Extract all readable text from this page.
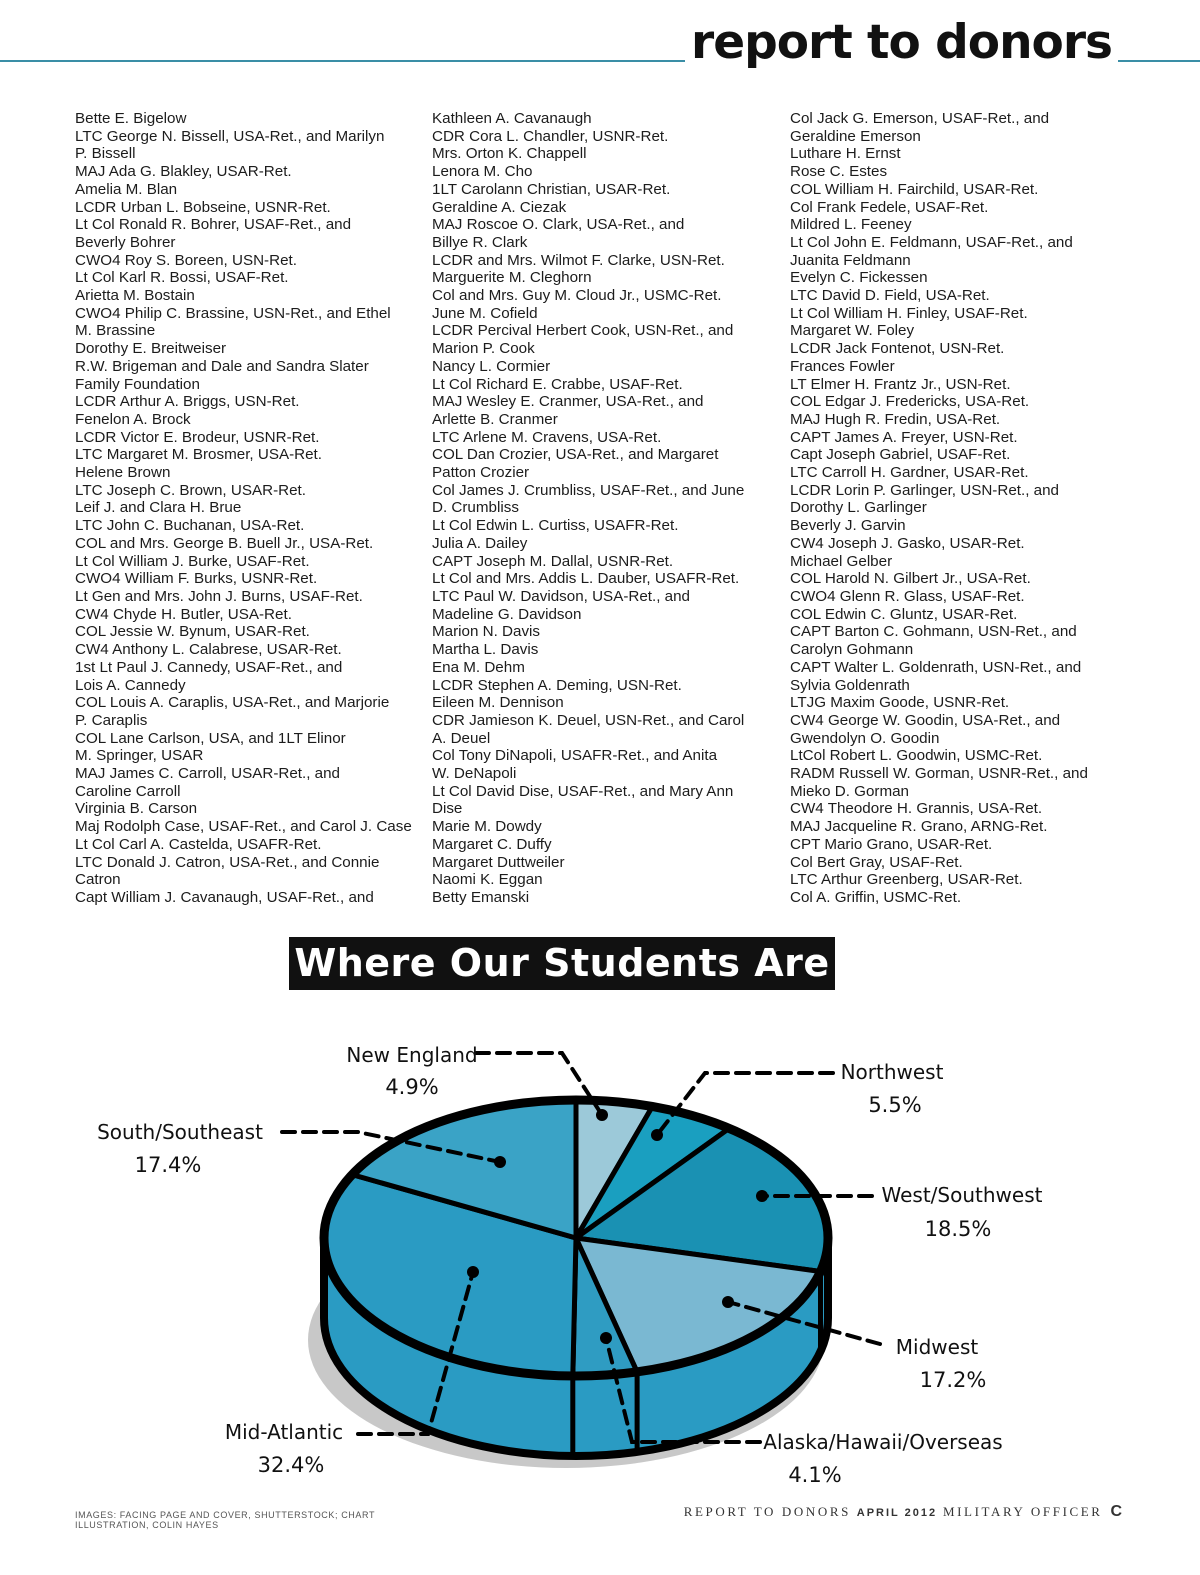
report to donors
Bette E. Bigelow
LTC George N. Bissell, USA-Ret., and Marilyn
P. Bissell
MAJ Ada G. Blakley, USAR-Ret.
Amelia M. Blan
LCDR Urban L. Bobseine, USNR-Ret.
Lt Col Ronald R. Bohrer, USAF-Ret., and
Beverly Bohrer
CWO4 Roy S. Boreen, USN-Ret.
Lt Col Karl R. Bossi, USAF-Ret.
Arietta M. Bostain
CWO4 Philip C. Brassine, USN-Ret., and Ethel
M. Brassine
Dorothy E. Breitweiser
R.W. Brigeman and Dale and Sandra Slater
Family Foundation
LCDR Arthur A. Briggs, USN-Ret.
Fenelon A. Brock
LCDR Victor E. Brodeur, USNR-Ret.
LTC Margaret M. Brosmer, USA-Ret.
Helene Brown
LTC Joseph C. Brown, USAR-Ret.
Leif J. and Clara H. Brue
LTC John C. Buchanan, USA-Ret.
COL and Mrs. George B. Buell Jr., USA-Ret.
Lt Col William J. Burke, USAF-Ret.
CWO4 William F. Burks, USNR-Ret.
Lt Gen and Mrs. John J. Burns, USAF-Ret.
CW4 Chyde H. Butler, USA-Ret.
COL Jessie W. Bynum, USAR-Ret.
CW4 Anthony L. Calabrese, USAR-Ret.
1st Lt Paul J. Cannedy, USAF-Ret., and
Lois A. Cannedy
COL Louis A. Caraplis, USA-Ret., and Marjorie
P. Caraplis
COL Lane Carlson, USA, and 1LT Elinor
M. Springer, USAR
MAJ James C. Carroll, USAR-Ret., and
Caroline Carroll
Virginia B. Carson
Maj Rodolph Case, USAF-Ret., and Carol J. Case
Lt Col Carl A. Castelda, USAFR-Ret.
LTC Donald J. Catron, USA-Ret., and Connie
Catron
Capt William J. Cavanaugh, USAF-Ret., and
Kathleen A. Cavanaugh
CDR Cora L. Chandler, USNR-Ret.
Mrs. Orton K. Chappell
Lenora M. Cho
1LT Carolann Christian, USAR-Ret.
Geraldine A. Ciezak
MAJ Roscoe O. Clark, USA-Ret., and
Billye R. Clark
LCDR and Mrs. Wilmot F. Clarke, USN-Ret.
Marguerite M. Cleghorn
Col and Mrs. Guy M. Cloud Jr., USMC-Ret.
June M. Cofield
LCDR Percival Herbert Cook, USN-Ret., and
Marion P. Cook
Nancy L. Cormier
Lt Col Richard E. Crabbe, USAF-Ret.
MAJ Wesley E. Cranmer, USA-Ret., and
Arlette B. Cranmer
LTC Arlene M. Cravens, USA-Ret.
COL Dan Crozier, USA-Ret., and Margaret
Patton Crozier
Col James J. Crumbliss, USAF-Ret., and June
D. Crumbliss
Lt Col Edwin L. Curtiss, USAFR-Ret.
Julia A. Dailey
CAPT Joseph M. Dallal, USNR-Ret.
Lt Col and Mrs. Addis L. Dauber, USAFR-Ret.
LTC Paul W. Davidson, USA-Ret., and
Madeline G. Davidson
Marion N. Davis
Martha L. Davis
Ena M. Dehm
LCDR Stephen A. Deming, USN-Ret.
Eileen M. Dennison
CDR Jamieson K. Deuel, USN-Ret., and Carol
A. Deuel
Col Tony DiNapoli, USAFR-Ret., and Anita
W. DeNapoli
Lt Col David Dise, USAF-Ret., and Mary Ann
Dise
Marie M. Dowdy
Margaret C. Duffy
Margaret Duttweiler
Naomi K. Eggan
Betty Emanski
Col Jack G. Emerson, USAF-Ret., and
Geraldine Emerson
Luthare H. Ernst
Rose C. Estes
COL William H. Fairchild, USAR-Ret.
Col Frank Fedele, USAF-Ret.
Mildred L. Feeney
Lt Col John E. Feldmann, USAF-Ret., and
Juanita Feldmann
Evelyn C. Fickessen
LTC David D. Field, USA-Ret.
Lt Col William H. Finley, USAF-Ret.
Margaret W. Foley
LCDR Jack Fontenot, USN-Ret.
Frances Fowler
LT Elmer H. Frantz Jr., USN-Ret.
COL Edgar J. Fredericks, USA-Ret.
MAJ Hugh R. Fredin, USA-Ret.
CAPT James A. Freyer, USN-Ret.
Capt Joseph Gabriel, USAF-Ret.
LTC Carroll H. Gardner, USAR-Ret.
LCDR Lorin P. Garlinger, USN-Ret., and
Dorothy L. Garlinger
Beverly J. Garvin
CW4 Joseph J. Gasko, USAR-Ret.
Michael Gelber
COL Harold N. Gilbert Jr., USA-Ret.
CWO4 Glenn R. Glass, USAF-Ret.
COL Edwin C. Gluntz, USAR-Ret.
CAPT Barton C. Gohmann, USN-Ret., and
Carolyn Gohmann
CAPT Walter L. Goldenrath, USN-Ret., and
Sylvia Goldenrath
LTJG Maxim Goode, USNR-Ret.
CW4 George W. Goodin, USA-Ret., and
Gwendolyn O. Goodin
LtCol Robert L. Goodwin, USMC-Ret.
RADM Russell W. Gorman, USNR-Ret., and
Mieko D. Gorman
CW4 Theodore H. Grannis, USA-Ret.
MAJ Jacqueline R. Grano, ARNG-Ret.
CPT Mario Grano, USAR-Ret.
Col Bert Gray, USAF-Ret.
LTC Arthur Greenberg, USAR-Ret.
Col A. Griffin, USMC-Ret.
Where Our Students Are
New England
4.9%
Northwest
5.5%
West/Southwest
18.5%
Midwest
17.2%
Alaska/Hawaii/Overseas
4.1%
Mid-Atlantic
32.4%
South/Southeast
17.4%
IMAGES: FACING PAGE AND COVER, SHUTTERSTOCK; CHART ILLUSTRATION, COLIN HAYES
REPORT TO DONORS APRIL 2012 MILITARY OFFICER C
